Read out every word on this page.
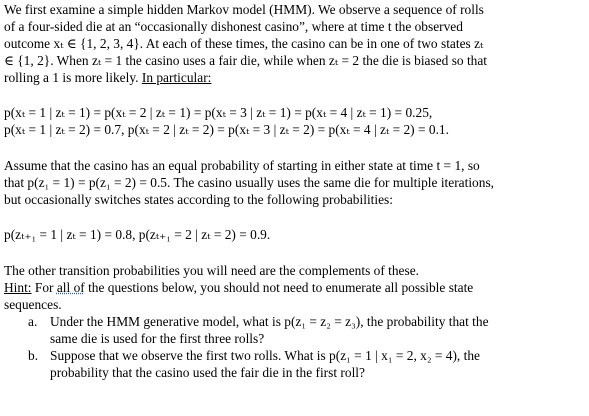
We first examine a simple hidden Markov model (HMM). We observe a sequence of rolls
of a four-sided die at an “occasionally dishonest casino”, where at time t the observed
outcome xₜ ∈ {1, 2, 3, 4}. At each of these times, the casino can be in one of two states zₜ
∈ {1, 2}. When zₜ = 1 the casino uses a fair die, while when zₜ = 2 the die is biased so that
rolling a 1 is more likely. In particular:

p(xₜ = 1 | zₜ = 1) = p(xₜ = 2 | zₜ = 1) = p(xₜ = 3 | zₜ = 1) = p(xₜ = 4 | zₜ = 1) = 0.25,
p(xₜ = 1 | zₜ = 2) = 0.7, p(xₜ = 2 | zₜ = 2) = p(xₜ = 3 | zₜ = 2) = p(xₜ = 4 | zₜ = 2) = 0.1.

Assume that the casino has an equal probability of starting in either state at time t = 1, so
that p(z₁ = 1) = p(z₁ = 2) = 0.5. The casino usually uses the same die for multiple iterations,
but occasionally switches states according to the following probabilities:

p(zₜ₊₁ = 1 | zₜ = 1) = 0.8, p(zₜ₊₁ = 2 | zₜ = 2) = 0.9.

The other transition probabilities you will need are the complements of these.
Hint: For all of the questions below, you should not need to enumerate all possible state
sequences.

a. Under the HMM generative model, what is p(z₁ = z₂ = z₃), the probability that the
same die is used for the first three rolls?
b. Suppose that we observe the first two rolls. What is p(z₁ = 1 | x₁ = 2, x₂ = 4), the
probability that the casino used the fair die in the first roll?
